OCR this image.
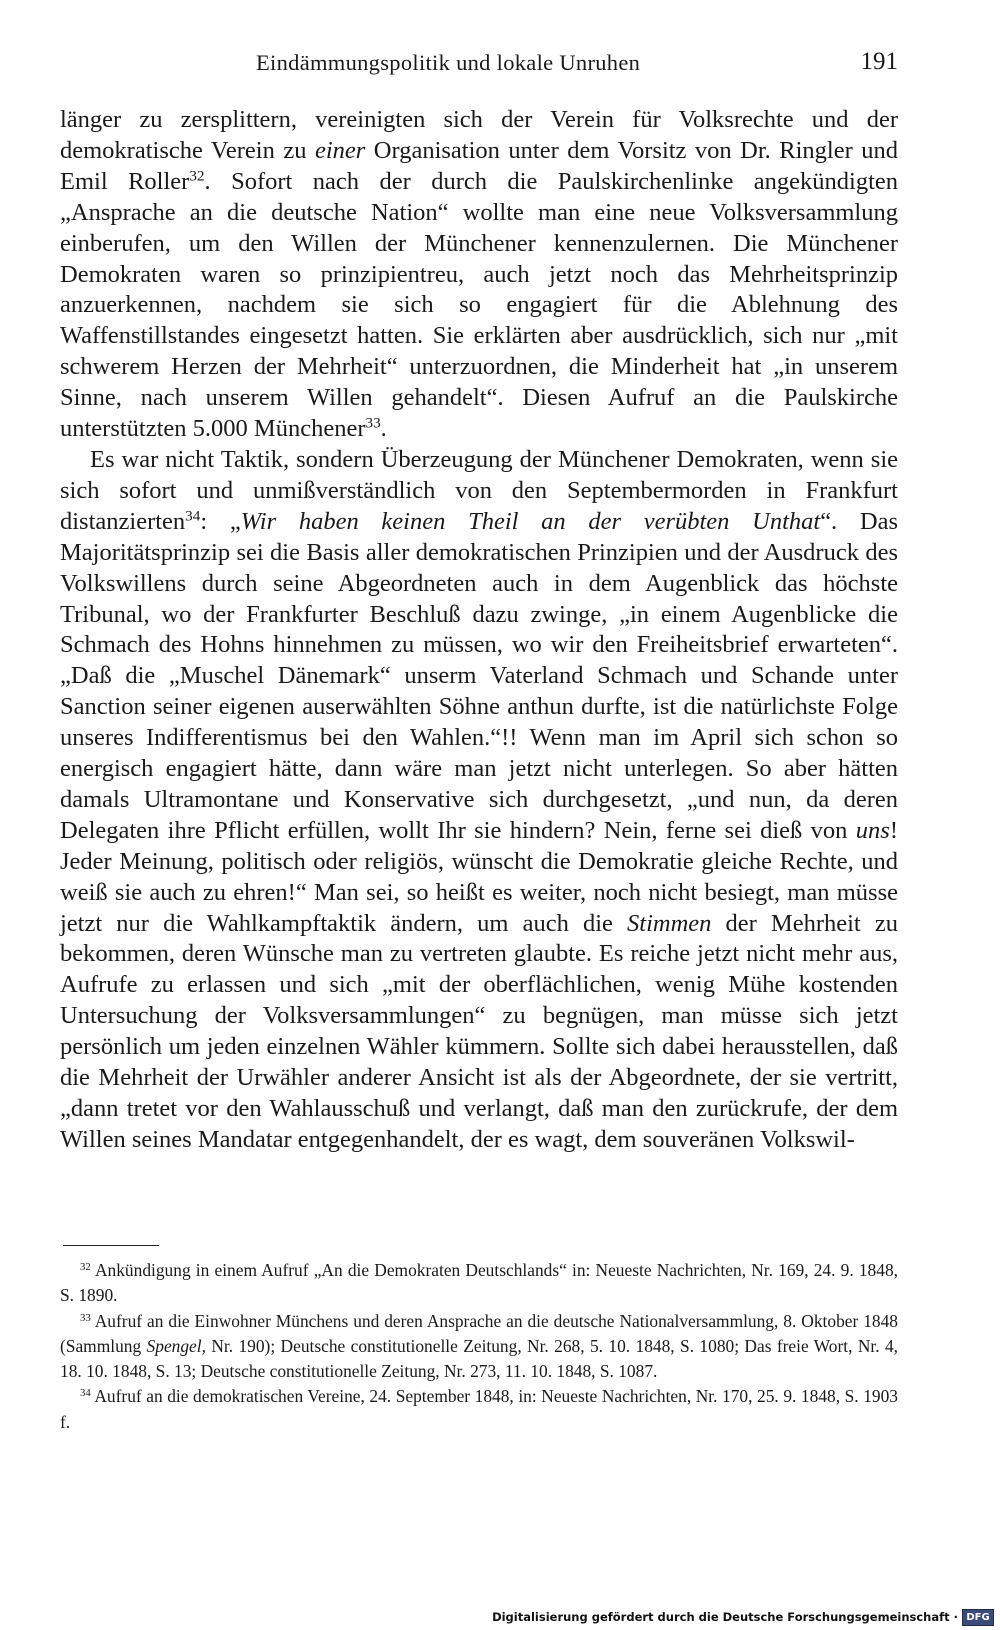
Eindämmungspolitik und lokale Unruhen	191

länger zu zersplittern, vereinigten sich der Verein für Volksrechte und der demokratische Verein zu einer Organisation unter dem Vorsitz von Dr. Ringler und Emil Roller$^{32}$. Sofort nach der durch die Paulskirchenlinke angekündigten „Ansprache an die deutsche Nation“ wollte man eine neue Volksversammlung einberufen, um den Willen der Münchener kennenzulernen. Die Münchener Demokraten waren so prinzipientreu, auch jetzt noch das Mehrheitsprinzip anzuerkennen, nachdem sie sich so engagiert für die Ablehnung des Waffenstillstandes eingesetzt hatten. Sie erklärten aber ausdrücklich, sich nur „mit schwerem Herzen der Mehrheit“ unterzuordnen, die Minderheit hat „in unserem Sinne, nach unserem Willen gehandelt“. Diesen Aufruf an die Paulskirche unterstützten 5.000 Münchener$^{33}$.

Es war nicht Taktik, sondern Überzeugung der Münchener Demokraten, wenn sie sich sofort und unmißverständlich von den Septembermorden in Frankfurt distanzierten$^{34}$: „Wir haben keinen Theil an der verübten Unthat“. Das Majoritätsprinzip sei die Basis aller demokratischen Prinzipien und der Ausdruck des Volkswillens durch seine Abgeordneten auch in dem Augenblick das höchste Tribunal, wo der Frankfurter Beschluß dazu zwinge, „in einem Augenblicke die Schmach des Hohns hinnehmen zu müssen, wo wir den Freiheitsbrief erwarteten“. „Daß die „Muschel Dänemark“ unserm Vaterland Schmach und Schande unter Sanction seiner eigenen auserwählten Söhne anthun durfte, ist die natürlichste Folge unseres Indifferentismus bei den Wahlen.“!! Wenn man im April sich schon so energisch engagiert hätte, dann wäre man jetzt nicht unterlegen. So aber hätten damals Ultramontane und Konservative sich durchgesetzt, „und nun, da deren Delegaten ihre Pflicht erfüllen, wollt Ihr sie hindern? Nein, ferne sei dieß von uns! Jeder Meinung, politisch oder religiös, wünscht die Demokratie gleiche Rechte, und weiß sie auch zu ehren!“ Man sei, so heißt es weiter, noch nicht besiegt, man müsse jetzt nur die Wahlkampftaktik ändern, um auch die Stimmen der Mehrheit zu bekommen, deren Wünsche man zu vertreten glaubte. Es reiche jetzt nicht mehr aus, Aufrufe zu erlassen und sich „mit der oberflächlichen, wenig Mühe kostenden Untersuchung der Volksversammlungen“ zu begnügen, man müsse sich jetzt persönlich um jeden einzelnen Wähler kümmern. Sollte sich dabei herausstellen, daß die Mehrheit der Urwähler anderer Ansicht ist als der Abgeordnete, der sie vertritt, „dann tretet vor den Wahlausschuß und verlangt, daß man den zurückrufe, der dem Willen seines Mandatar entgegenhandelt, der es wagt, dem souveränen Volkswil-

$^{32}$ Ankündigung in einem Aufruf „An die Demokraten Deutschlands“ in: Neueste Nachrichten, Nr. 169, 24. 9. 1848, S. 1890.

$^{33}$ Aufruf an die Einwohner Münchens und deren Ansprache an die deutsche Nationalversammlung, 8. Oktober 1848 (Sammlung Spengel, Nr. 190); Deutsche constitutionelle Zeitung, Nr. 268, 5. 10. 1848, S. 1080; Das freie Wort, Nr. 4, 18. 10. 1848, S. 13; Deutsche constitutionelle Zeitung, Nr. 273, 11. 10. 1848, S. 1087.

$^{34}$ Aufruf an die demokratischen Vereine, 24. September 1848, in: Neueste Nachrichten, Nr. 170, 25. 9. 1848, S. 1903 f.

Digitalisierung gefördert durch die Deutsche Forschungsgemeinschaft · DFG
